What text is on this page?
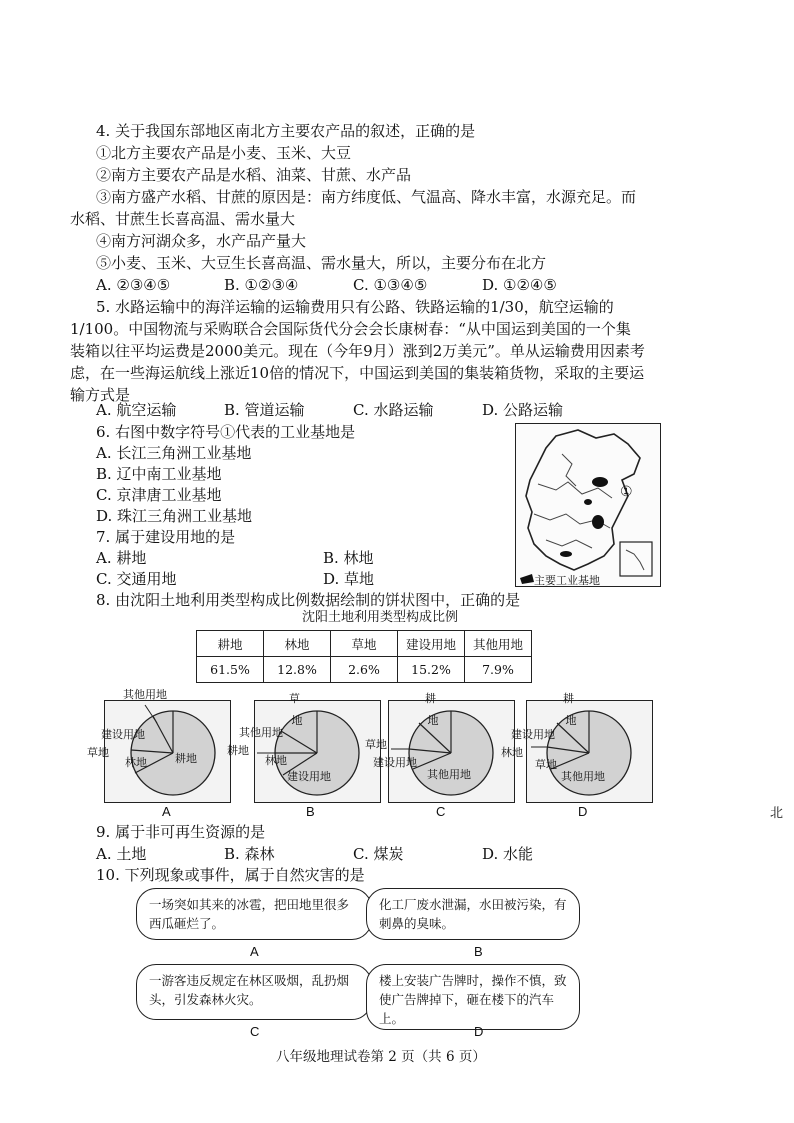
4. 关于我国东部地区南北方主要农产品的叙述，正确的是
①北方主要农产品是小麦、玉米、大豆
②南方主要农产品是水稻、油菜、甘蔗、水产品
③南方盛产水稻、甘蔗的原因是：南方纬度低、气温高、降水丰富，水源充足。而
水稻、甘蔗生长喜高温、需水量大
④南方河湖众多，水产品产量大
⑤小麦、玉米、大豆生长喜高温、需水量大，所以，主要分布在北方
A. ②③④⑤	B. ①②③④	C. ①③④⑤	D. ①②④⑤
5. 水路运输中的海洋运输的运输费用只有公路、铁路运输的1/30，航空运输的
1/100。中国物流与采购联合会国际货代分会会长康树春：“从中国运到美国的一个集
装箱以往平均运费是2000美元。现在（今年9月）涨到2万美元”。单从运输费用因素考
虑，在一些海运航线上涨近10倍的情况下，中国运到美国的集装箱货物，采取的主要运
输方式是
A. 航空运输	B. 管道运输	C. 水路运输	D. 公路运输
6. 右图中数字符号①代表的工业基地是
A. 长江三角洲工业基地
B. 辽中南工业基地
C. 京津唐工业基地
D. 珠江三角洲工业基地
①
主要工业基地
7. 属于建设用地的是
A. 耕地	B. 林地
C. 交通用地	D. 草地
8. 由沈阳土地利用类型构成比例数据绘制的饼状图中，正确的是
沈阳土地利用类型构成比例
耕地	林地	草地	建设用地	其他用地
61.5%	12.8%	2.6%	15.2%	7.9%
其他用地
建设用地
草地
林地	耕地
A
草
地
其他用地
耕地
林地
建设用地
B
耕
地
草地
建设用地
其他用地
C
耕
地
建设用地
林地
草地
其他用地
D	北
9. 属于非可再生资源的是
A. 土地	B. 森林	C. 煤炭	D. 水能
10. 下列现象或事件，属于自然灾害的是
一场突如其来的冰雹，把田地里很多西瓜砸烂了。
A
化工厂废水泄漏，水田被污染，有刺鼻的臭味。
B
一游客违反规定在林区吸烟，乱扔烟头，引发森林火灾。
C
楼上安装广告牌时，操作不慎，致使广告牌掉下，砸在楼下的汽车上。
D
八年级地理试卷第 2 页（共 6 页）
